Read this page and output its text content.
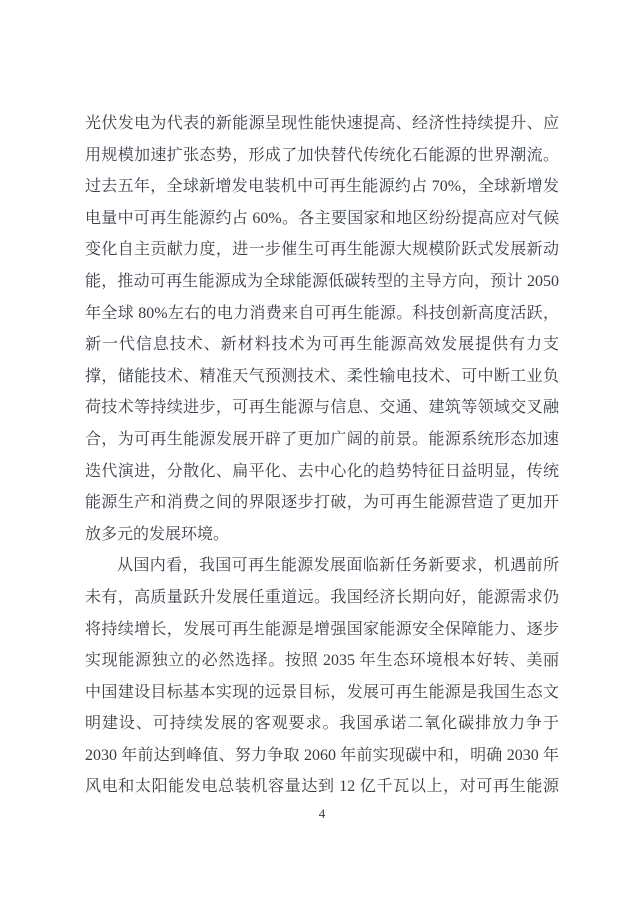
光伏发电为代表的新能源呈现性能快速提高、经济性持续提升、应
用规模加速扩张态势，形成了加快替代传统化石能源的世界潮流。
过去五年，全球新增发电装机中可再生能源约占 70%，全球新增发
电量中可再生能源约占 60%。各主要国家和地区纷纷提高应对气候
变化自主贡献力度，进一步催生可再生能源大规模阶跃式发展新动
能，推动可再生能源成为全球能源低碳转型的主导方向，预计 2050
年全球 80%左右的电力消费来自可再生能源。科技创新高度活跃，
新一代信息技术、新材料技术为可再生能源高效发展提供有力支
撑，储能技术、精准天气预测技术、柔性输电技术、可中断工业负
荷技术等持续进步，可再生能源与信息、交通、建筑等领域交叉融
合，为可再生能源发展开辟了更加广阔的前景。能源系统形态加速
迭代演进，分散化、扁平化、去中心化的趋势特征日益明显，传统
能源生产和消费之间的界限逐步打破，为可再生能源营造了更加开
放多元的发展环境。
从国内看，我国可再生能源发展面临新任务新要求，机遇前所
未有，高质量跃升发展任重道远。我国经济长期向好，能源需求仍
将持续增长，发展可再生能源是增强国家能源安全保障能力、逐步
实现能源独立的必然选择。按照 2035 年生态环境根本好转、美丽
中国建设目标基本实现的远景目标，发展可再生能源是我国生态文
明建设、可持续发展的客观要求。我国承诺二氧化碳排放力争于
2030 年前达到峰值、努力争取 2060 年前实现碳中和，明确 2030 年
风电和太阳能发电总装机容量达到 12 亿千瓦以上，对可再生能源
4
